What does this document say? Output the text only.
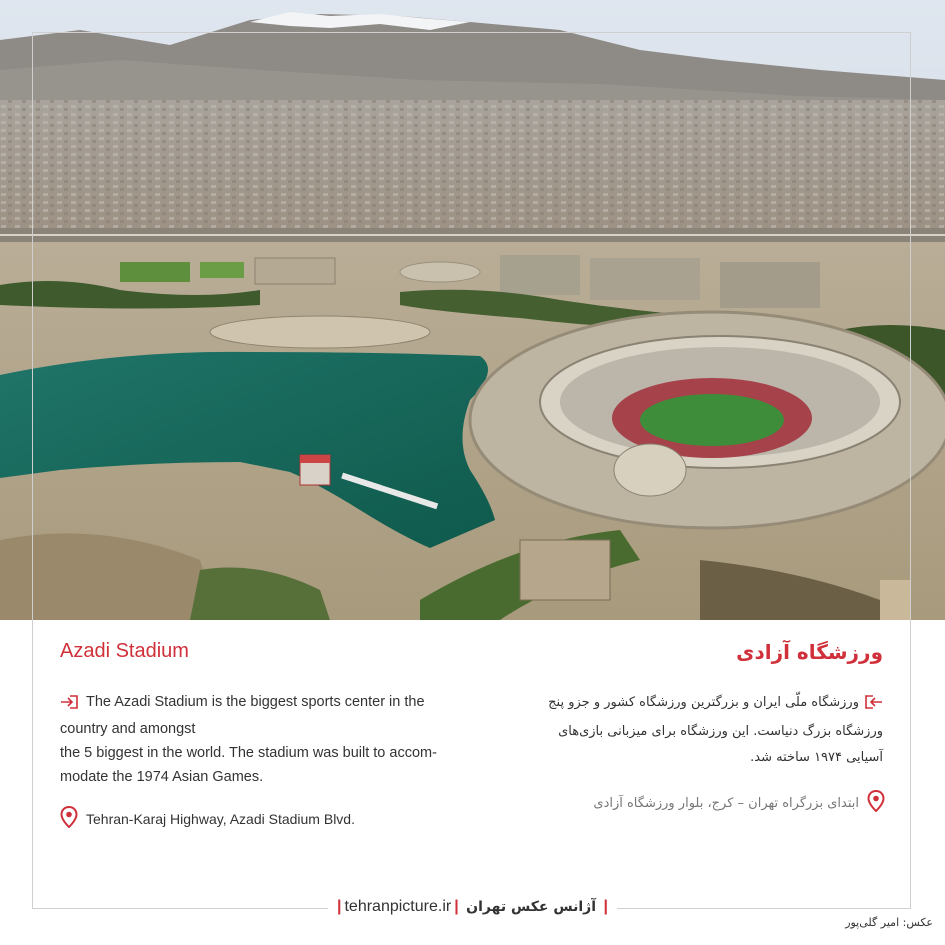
Azadi Stadium	ورزشگاه آزادی
The Azadi Stadium is the biggest sports center in the
country and amongst
the 5 biggest in the world. The stadium was built to accom-
modate the 1974 Asian Games.
ورزشگاه ملّی ایران و بزرگترین ورزشگاه کشور و جزو پنج
ورزشگاه بزرگ دنیاست. این ورزشگاه برای میزبانی بازی‌های
آسیایی ۱۹۷۴ ساخته شد.
Tehran-Karaj Highway, Azadi Stadium Blvd.
ابتدای بزرگراه تهران – کرج، بلوار ورزشگاه آزادی
| tehranpicture.ir | آژانس عکس تهران |
عکس: امیر گلی‌پور
